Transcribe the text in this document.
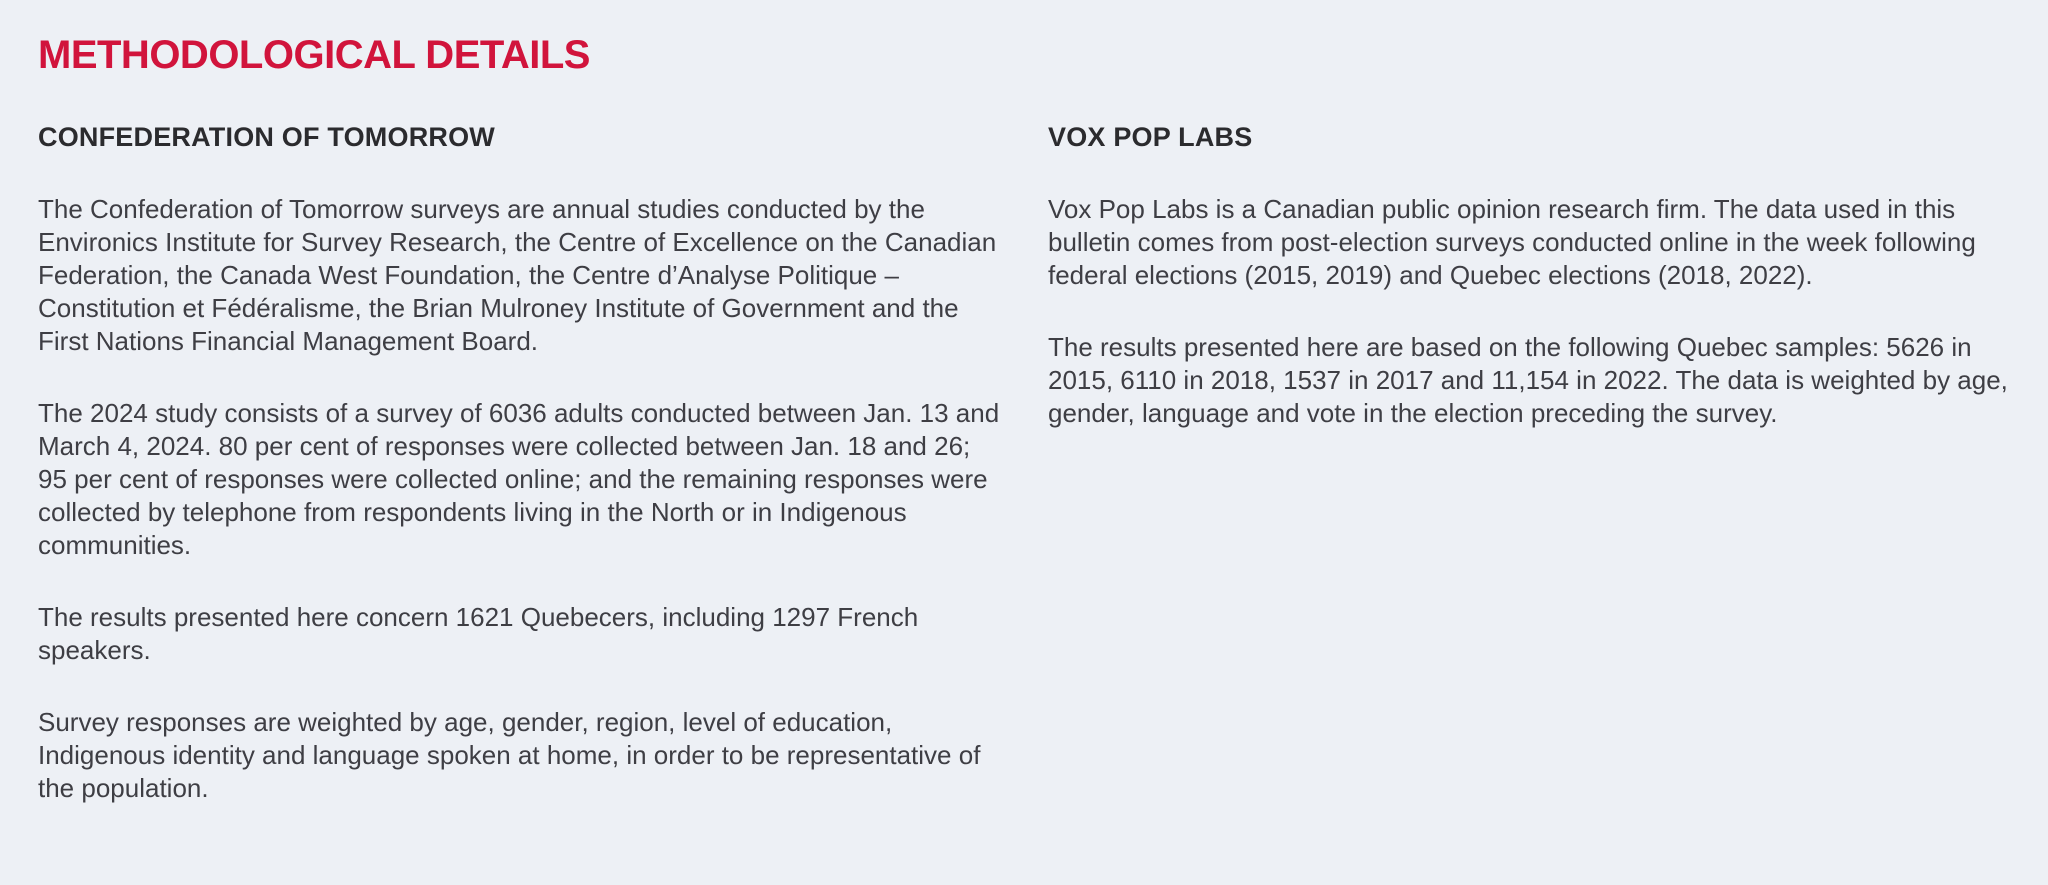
METHODOLOGICAL DETAILS
CONFEDERATION OF TOMORROW

The Confederation of Tomorrow surveys are annual studies conducted by the Environics Institute for Survey Research, the Centre of Excellence on the Canadian Federation, the Canada West Foundation, the Centre d’Analyse Politique – Constitution et Fédéralisme, the Brian Mulroney Institute of Government and the First Nations Financial Management Board.

The 2024 study consists of a survey of 6036 adults conducted between Jan. 13 and March 4, 2024. 80 per cent of responses were collected between Jan. 18 and 26; 95 per cent of responses were collected online; and the remaining responses were collected by telephone from respondents living in the North or in Indigenous communities.

The results presented here concern 1621 Quebecers, including 1297 French speakers.

Survey responses are weighted by age, gender, region, level of education, Indigenous identity and language spoken at home, in order to be representative of the population.

VOX POP LABS

Vox Pop Labs is a Canadian public opinion research firm. The data used in this bulletin comes from post-election surveys conducted online in the week following federal elections (2015, 2019) and Quebec elections (2018, 2022).

The results presented here are based on the following Quebec samples: 5626 in 2015, 6110 in 2018, 1537 in 2017 and 11,154 in 2022. The data is weighted by age, gender, language and vote in the election preceding the survey.
